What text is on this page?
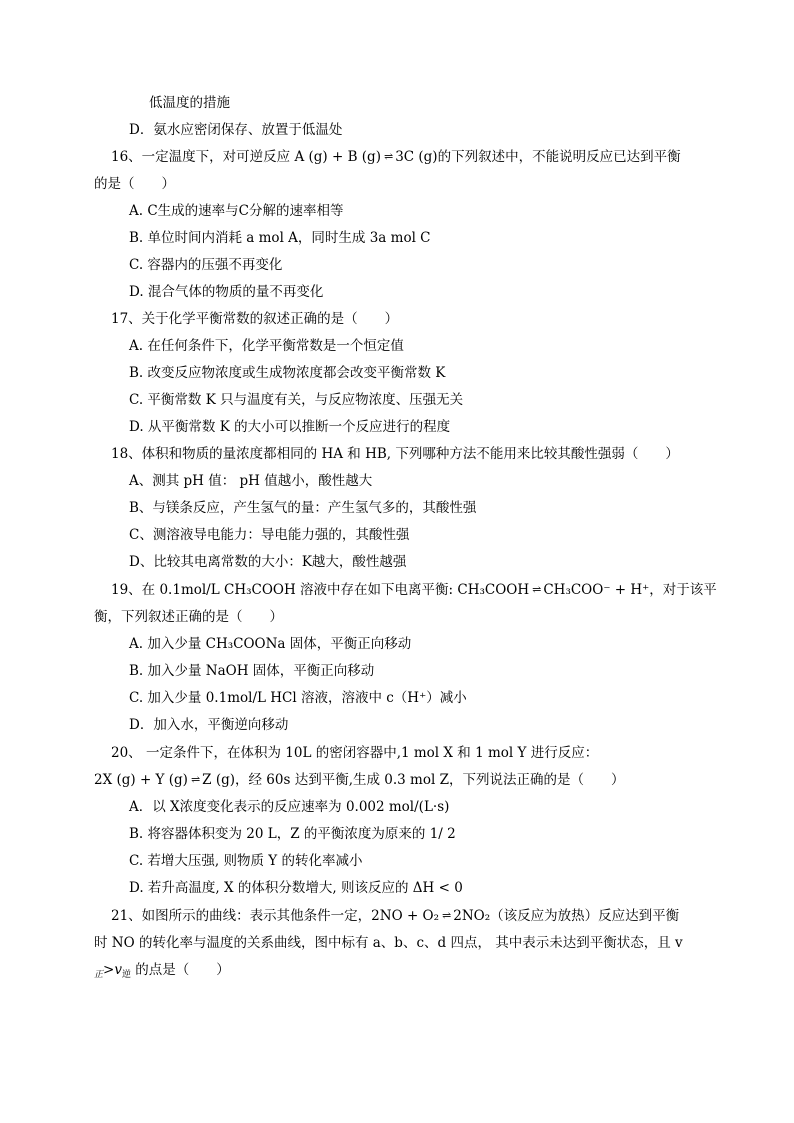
低温度的措施
D．氨水应密闭保存、放置于低温处
16、一定温度下，对可逆反应 A (g) + B (g) ⇌ 3C (g)的下列叙述中，不能说明反应已达到平衡
的是（　　）
A. C生成的速率与C分解的速率相等
B. 单位时间内消耗 a mol A，同时生成 3a mol C
C. 容器内的压强不再变化
D. 混合气体的物质的量不再变化
17、关于化学平衡常数的叙述正确的是（　　）
A. 在任何条件下，化学平衡常数是一个恒定值
B. 改变反应物浓度或生成物浓度都会改变平衡常数 K
C. 平衡常数 K 只与温度有关，与反应物浓度、压强无关
D. 从平衡常数 K 的大小可以推断一个反应进行的程度
18、体积和物质的量浓度都相同的 HA 和 HB, 下列哪种方法不能用来比较其酸性强弱（　　）
A、测其 pH 值： pH 值越小，酸性越大
B、与镁条反应，产生氢气的量：产生氢气多的，其酸性强
C、测溶液导电能力：导电能力强的，其酸性强
D、比较其电离常数的大小：K越大，酸性越强
19、在 0.1mol/L CH₃COOH 溶液中存在如下电离平衡: CH₃COOH ⇌ CH₃COO⁻ + H⁺，对于该平
衡，下列叙述正确的是（　　）
A. 加入少量 CH₃COONa 固体，平衡正向移动
B. 加入少量 NaOH 固体，平衡正向移动
C. 加入少量 0.1mol/L HCl 溶液，溶液中 c（H⁺）减小
D．加入水，平衡逆向移动
20、 一定条件下，在体积为 10L 的密闭容器中,1 mol X 和 1 mol Y 进行反应：
2X (g) + Y (g) ⇌ Z (g)，经 60s 达到平衡,生成 0.3 mol Z，下列说法正确的是（　　）
A．以 X浓度变化表示的反应速率为 0.002 mol/(L·s)
B. 将容器体积变为 20 L，Z 的平衡浓度为原来的 1/ 2
C. 若增大压强, 则物质 Y 的转化率减小
D. 若升高温度, X 的体积分数增大, 则该反应的 ΔH < 0
21、如图所示的曲线：表示其他条件一定，2NO + O₂ ⇌ 2NO₂（该反应为放热）反应达到平衡
时 NO 的转化率与温度的关系曲线，图中标有 a、b、c、d 四点， 其中表示未达到平衡状态，且 v
$_正>v_逆$ 的点是（　　）
